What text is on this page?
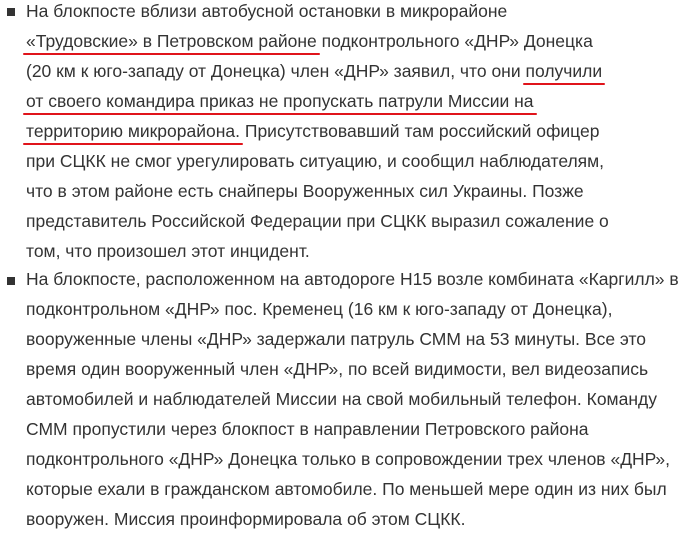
На блокпосте вблизи автобусной остановки в микрорайоне
«Трудовские» в Петровском районе подконтрольного «ДНР» Донецка
(20 км к юго-западу от Донецка) член «ДНР» заявил, что они получили
от своего командира приказ не пропускать патрули Миссии на
территорию микрорайона. Присутствовавший там российский офицер
при СЦКК не смог урегулировать ситуацию, и сообщил наблюдателям,
что в этом районе есть снайперы Вооруженных сил Украины. Позже
представитель Российской Федерации при СЦКК выразил сожаление о
том, что произошел этот инцидент.

На блокпосте, расположенном на автодороге Н15 возле комбината «Каргилл» в
подконтрольном «ДНР» пос. Кременец (16 км к юго-западу от Донецка),
вооруженные члены «ДНР» задержали патруль СММ на 53 минуты. Все это
время один вооруженный член «ДНР», по всей видимости, вел видеозапись
автомобилей и наблюдателей Миссии на свой мобильный телефон. Команду
СММ пропустили через блокпост в направлении Петровского района
подконтрольного «ДНР» Донецка только в сопровождении трех членов «ДНР»,
которые ехали в гражданском автомобиле. По меньшей мере один из них был
вооружен. Миссия проинформировала об этом СЦКК.
